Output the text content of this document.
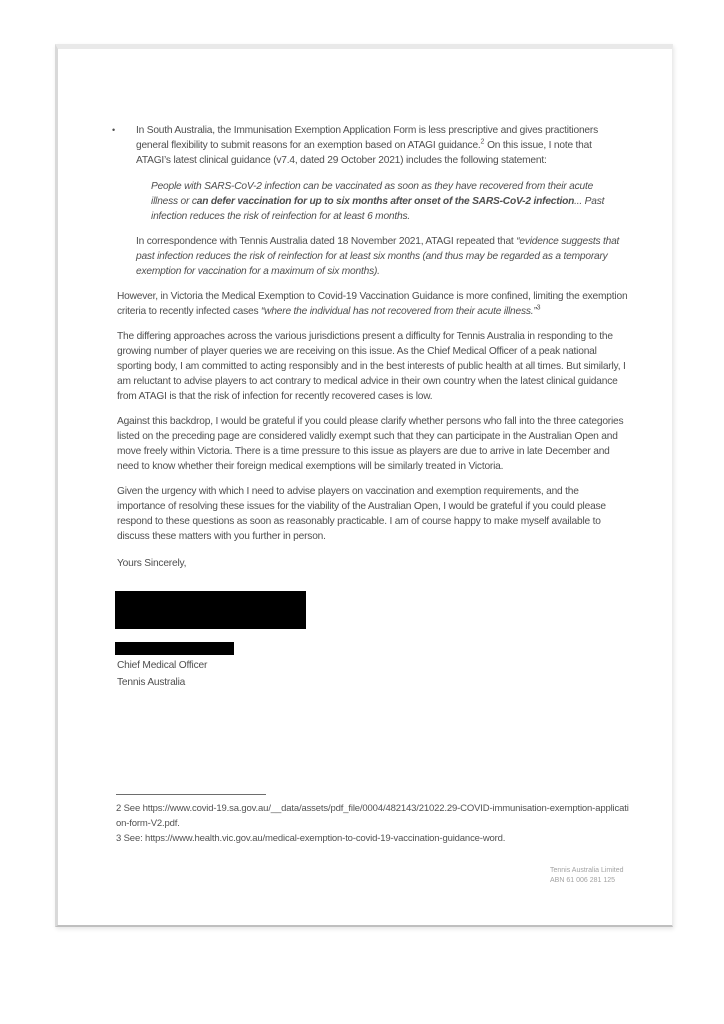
•	In South Australia, the Immunisation Exemption Application Form is less prescriptive and gives practitioners general flexibility to submit reasons for an exemption based on ATAGI guidance.$^2$ On this issue, I note that ATAGI’s latest clinical guidance (v7.4, dated 29 October 2021) includes the following statement:
People with SARS-CoV-2 infection can be vaccinated as soon as they have recovered from their acute illness or can defer vaccination for up to six months after onset of the SARS-CoV-2 infection... Past infection reduces the risk of reinfection for at least 6 months.
In correspondence with Tennis Australia dated 18 November 2021, ATAGI repeated that “evidence suggests that past infection reduces the risk of reinfection for at least six months (and thus may be regarded as a temporary exemption for vaccination for a maximum of six months).
However, in Victoria the Medical Exemption to Covid-19 Vaccination Guidance is more confined, limiting the exemption criteria to recently infected cases “where the individual has not recovered from their acute illness.”$^3$
The differing approaches across the various jurisdictions present a difficulty for Tennis Australia in responding to the growing number of player queries we are receiving on this issue. As the Chief Medical Officer of a peak national sporting body, I am committed to acting responsibly and in the best interests of public health at all times. But similarly, I am reluctant to advise players to act contrary to medical advice in their own country when the latest clinical guidance from ATAGI is that the risk of infection for recently recovered cases is low.
Against this backdrop, I would be grateful if you could please clarify whether persons who fall into the three categories listed on the preceding page are considered validly exempt such that they can participate in the Australian Open and move freely within Victoria. There is a time pressure to this issue as players are due to arrive in late December and need to know whether their foreign medical exemptions will be similarly treated in Victoria.
Given the urgency with which I need to advise players on vaccination and exemption requirements, and the importance of resolving these issues for the viability of the Australian Open, I would be grateful if you could please respond to these questions as soon as reasonably practicable. I am of course happy to make myself available to discuss these matters with you further in person.
Yours Sincerely,
Chief Medical Officer
Tennis Australia
2 See https://www.covid-19.sa.gov.au/__data/assets/pdf_file/0004/482143/21022.29-COVID-immunisation-exemption-application-form-V2.pdf.
3 See: https://www.health.vic.gov.au/medical-exemption-to-covid-19-vaccination-guidance-word.
Tennis Australia Limited
ABN 61 006 281 125
